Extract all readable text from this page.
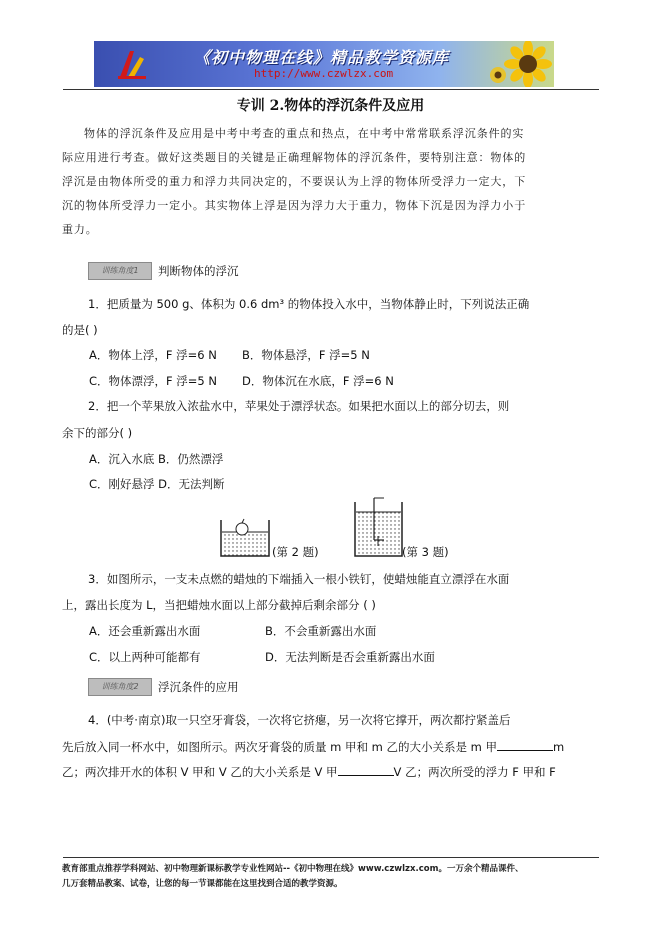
《初中物理在线》精品教学资源库
http://www.czwlzx.com
专训 2.物体的浮沉条件及应用

物体的浮沉条件及应用是中考中考查的重点和热点，在中考中常常联系浮沉条件的实

际应用进行考查。做好这类题目的关键是正确理解物体的浮沉条件，要特别注意：物体的
浮沉是由物体所受的重力和浮力共同决定的，不要误认为上浮的物体所受浮力一定大，下
沉的物体所受浮力一定小。其实物体上浮是因为浮力大于重力，物体下沉是因为浮力小于
重力。
训练角度1	判断物体的浮沉
1．把质量为 500 g、体积为 0.6 dm³ 的物体投入水中，当物体静止时，下列说法正确
的是( )
A．物体上浮，F 浮=6 N B．物体悬浮，F 浮=5 N
C．物体漂浮，F 浮=5 N D．物体沉在水底，F 浮=6 N
2．把一个苹果放入浓盐水中，苹果处于漂浮状态。如果把水面以上的部分切去，则
余下的部分( )
A．沉入水底 B．仍然漂浮
C．刚好悬浮 D．无法判断
(第 2 题)	(第 3 题)
3．如图所示，一支未点燃的蜡烛的下端插入一根小铁钉，使蜡烛能直立漂浮在水面
上，露出长度为 L，当把蜡烛水面以上部分截掉后剩余部分 ( )
A．还会重新露出水面	B．不会重新露出水面
C．以上两种可能都有	D．无法判断是否会重新露出水面
训练角度2	浮沉条件的应用
4．(中考·南京)取一只空牙膏袋，一次将它挤瘪，另一次将它撑开，两次都拧紧盖后
先后放入同一杯水中，如图所示。两次牙膏袋的质量 m 甲和 m 乙的大小关系是 m 甲	m
乙；两次排开水的体积 V 甲和 V 乙的大小关系是 V 甲	V 乙；两次所受的浮力 F 甲和 F
教育部重点推荐学科网站、初中物理新课标教学专业性网站--《初中物理在线》www.czwlzx.com。一万余个精品课件、
几万套精品教案、试卷，让您的每一节课都能在这里找到合适的教学资源。
